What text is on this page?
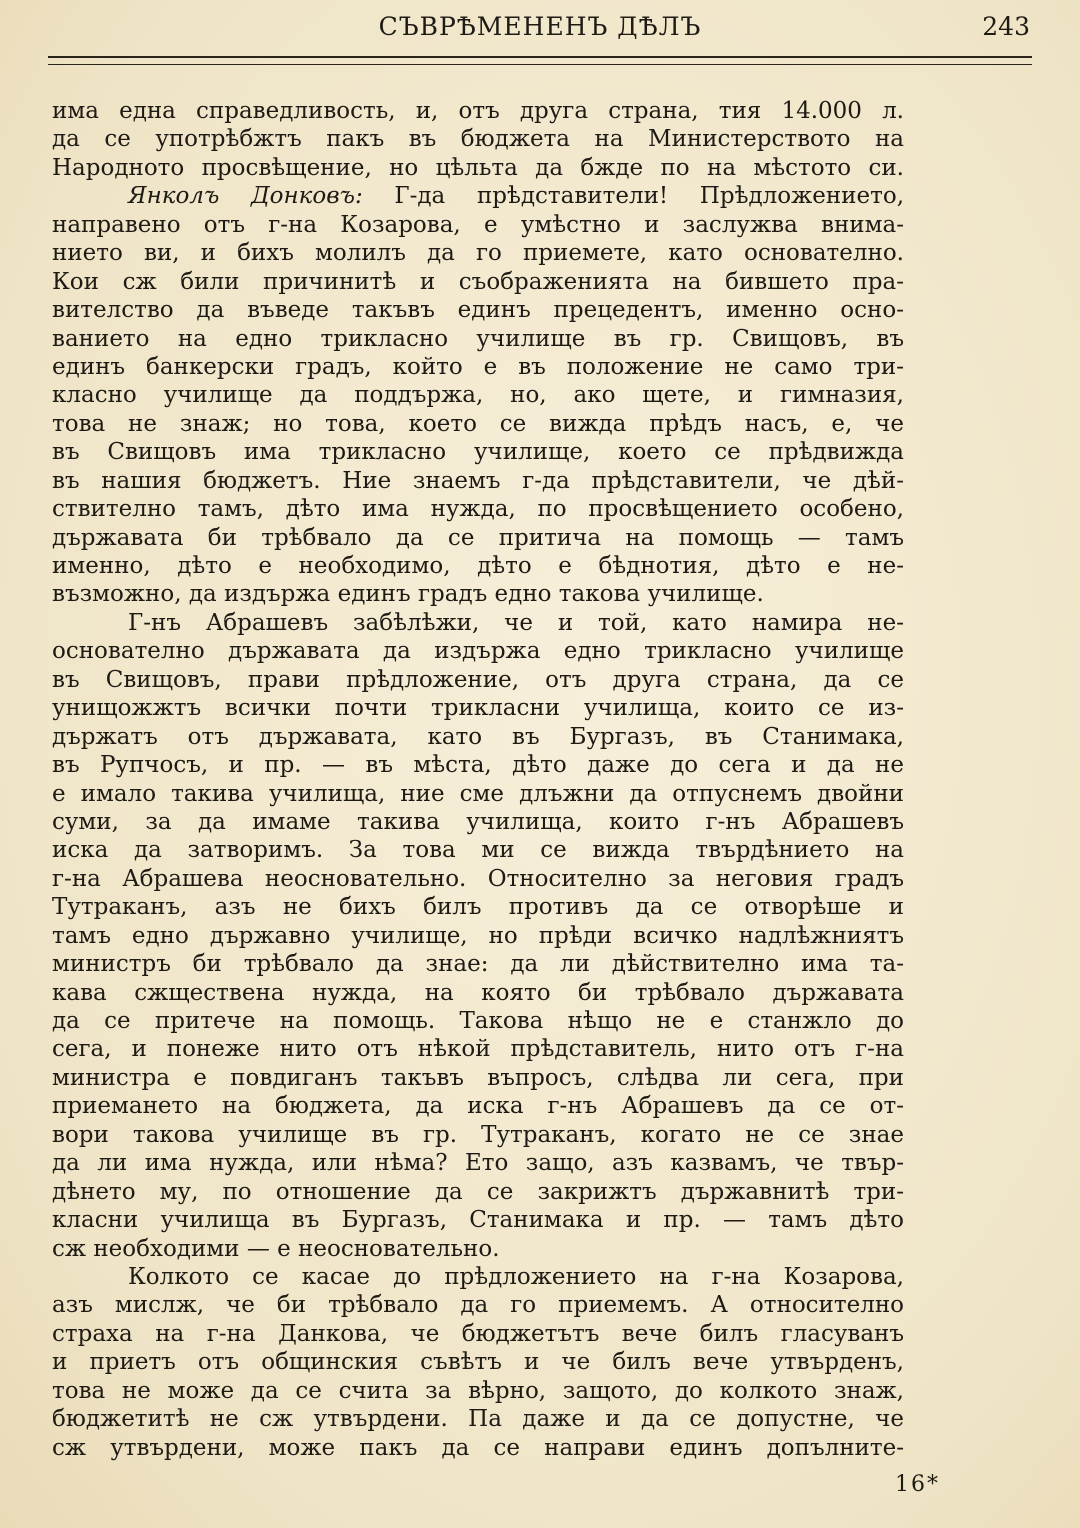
СЪВРѢМЕНЕНЪ ДѢЛЪ	243
има една справедливость, и, отъ друга страна, тия 14.000 л.
да се употрѣбжтъ пакъ въ бюджета на Министерството на
Народното просвѣщение, но цѣльта да бжде по на мѣстото си.
Янколъ Донковъ: Г-да прѣдставители! Прѣдложението,
направено отъ г-на Козарова, е умѣстно и заслужва внима-
нието ви, и бихъ молилъ да го приемете, като основателно.
Кои сж били причинитѣ и съображенията на бившето пра-
вителство да въведе такъвъ единъ прецедентъ, именно осно-
ванието на едно трикласно училище въ гр. Свищовъ, въ
единъ банкерски градъ, който е въ положение не само три-
класно училище да поддържа, но, ако щете, и гимназия,
това не знаж; но това, което се вижда прѣдъ насъ, е, че
въ Свищовъ има трикласно училище, което се прѣдвижда
въ нашия бюджетъ. Ние знаемъ г-да прѣдставители, че дѣй-
ствително тамъ, дѣто има нужда, по просвѣщението особено,
държавата би трѣбвало да се притича на помощь — тамъ
именно, дѣто е необходимо, дѣто е бѣднотия, дѣто е не-
възможно, да издържа единъ градъ едно такова училище.
Г-нъ Абрашевъ забѣлѣжи, че и той, като намира не-
основателно държавата да издържа едно трикласно училище
въ Свищовъ, прави прѣдложение, отъ друга страна, да се
унищожжтъ всички почти трикласни училища, които се из-
държатъ отъ държавата, като въ Бургазъ, въ Станимака,
въ Рупчосъ, и пр. — въ мѣста, дѣто даже до сега и да не
е имало такива училища, ние сме длъжни да отпуснемъ двойни
суми, за да имаме такива училища, които г-нъ Абрашевъ
иска да затворимъ. За това ми се вижда твърдѣнието на
г-на Абрашева неосновательно. Относително за неговия градъ
Тутраканъ, азъ не бихъ билъ противъ да се отворѣше и
тамъ едно държавно училище, но прѣди всичко надлѣжниятъ
министръ би трѣбвало да знае: да ли дѣйствително има та-
кава сжществена нужда, на която би трѣбвало държавата
да се притече на помощь. Такова нѣщо не е станжло до
сега, и понеже нито отъ нѣкой прѣдставитель, нито отъ г-на
министра е повдиганъ такъвъ въпросъ, слѣдва ли сега, при
приемането на бюджета, да иска г-нъ Абрашевъ да се от-
вори такова училище въ гр. Тутраканъ, когато не се знае
да ли има нужда, или нѣма? Ето защо, азъ казвамъ, че твър-
дѣнето му, по отношение да се закрижтъ държавнитѣ три-
класни училища въ Бургазъ, Станимака и пр. — тамъ дѣто
сж необходими — е неосновательно.
Колкото се касае до прѣдложението на г-на Козарова,
азъ мислж, че би трѣбвало да го приемемъ. А относително
страха на г-на Данкова, че бюджетътъ вече билъ гласуванъ
и приетъ отъ общинския съвѣтъ и че билъ вече утвърденъ,
това не може да се счита за вѣрно, защото, до колкото знаж,
бюджетитѣ не сж утвърдени. Па даже и да се допустне, че
сж утвърдени, може пакъ да се направи единъ допълните-
16*
